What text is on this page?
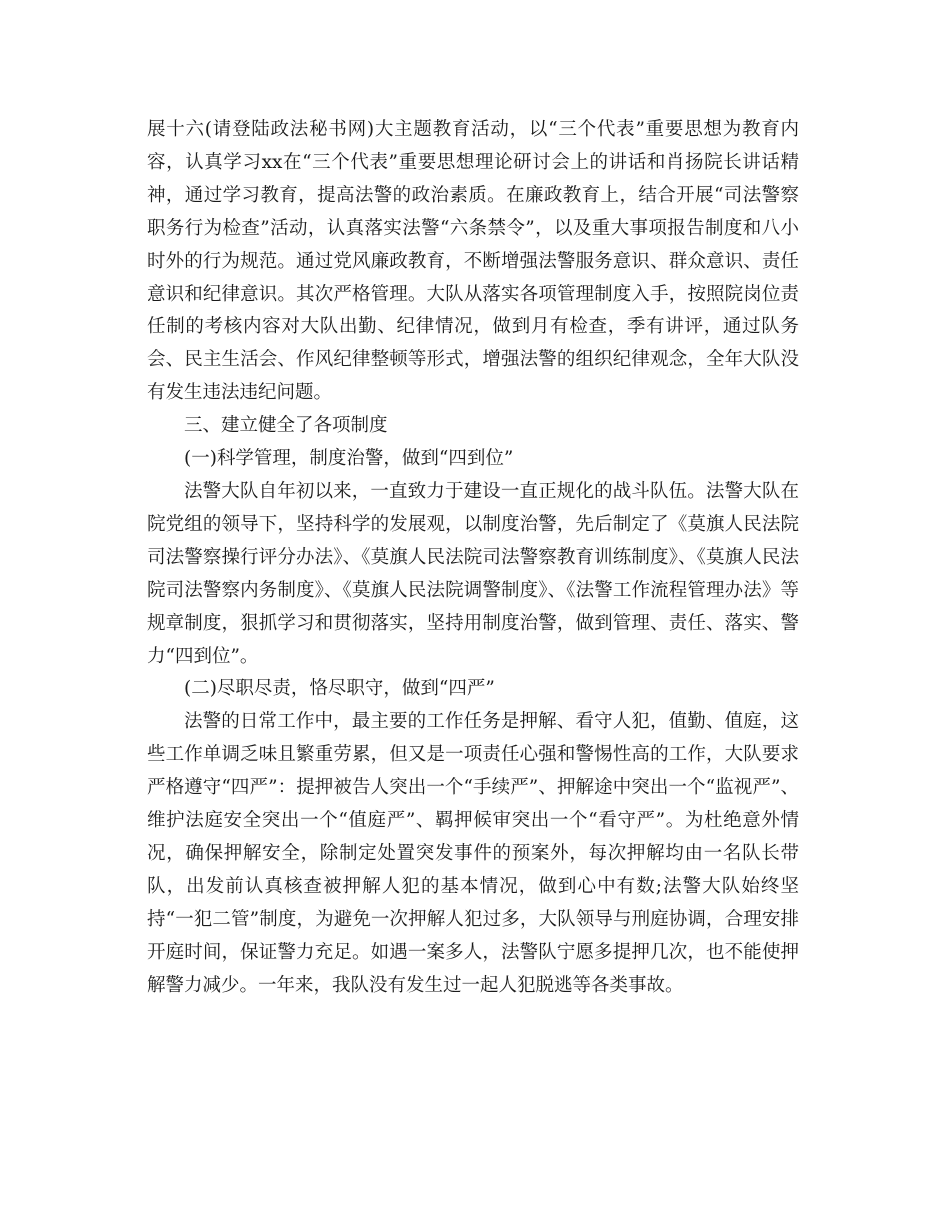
展十六(请登陆政法秘书网)大主题教育活动，以“三个代表”重要思想为教育内容，认真学习xx在“三个代表”重要思想理论研讨会上的讲话和肖扬院长讲话精神，通过学习教育，提高法警的政治素质。在廉政教育上，结合开展“司法警察职务行为检查”活动，认真落实法警“六条禁令”，以及重大事项报告制度和八小时外的行为规范。通过党风廉政教育，不断增强法警服务意识、群众意识、责任意识和纪律意识。其次严格管理。大队从落实各项管理制度入手，按照院岗位责任制的考核内容对大队出勤、纪律情况，做到月有检查，季有讲评，通过队务会、民主生活会、作风纪律整顿等形式，增强法警的组织纪律观念，全年大队没有发生违法违纪问题。

三、建立健全了各项制度

(一)科学管理，制度治警，做到“四到位”

法警大队自年初以来，一直致力于建设一直正规化的战斗队伍。法警大队在院党组的领导下，坚持科学的发展观，以制度治警，先后制定了《莫旗人民法院司法警察操行评分办法》、《莫旗人民法院司法警察教育训练制度》、《莫旗人民法院司法警察内务制度》、《莫旗人民法院调警制度》、《法警工作流程管理办法》等规章制度，狠抓学习和贯彻落实，坚持用制度治警，做到管理、责任、落实、警力“四到位”。

(二)尽职尽责，恪尽职守，做到“四严”

法警的日常工作中，最主要的工作任务是押解、看守人犯，值勤、值庭，这些工作单调乏味且繁重劳累，但又是一项责任心强和警惕性高的工作，大队要求严格遵守“四严”：提押被告人突出一个“手续严”、押解途中突出一个“监视严”、维护法庭安全突出一个“值庭严”、羁押候审突出一个“看守严”。为杜绝意外情况，确保押解安全，除制定处置突发事件的预案外，每次押解均由一名队长带队，出发前认真核查被押解人犯的基本情况，做到心中有数;法警大队始终坚持“一犯二管”制度，为避免一次押解人犯过多，大队领导与刑庭协调，合理安排开庭时间，保证警力充足。如遇一案多人，法警队宁愿多提押几次，也不能使押解警力减少。一年来，我队没有发生过一起人犯脱逃等各类事故。
